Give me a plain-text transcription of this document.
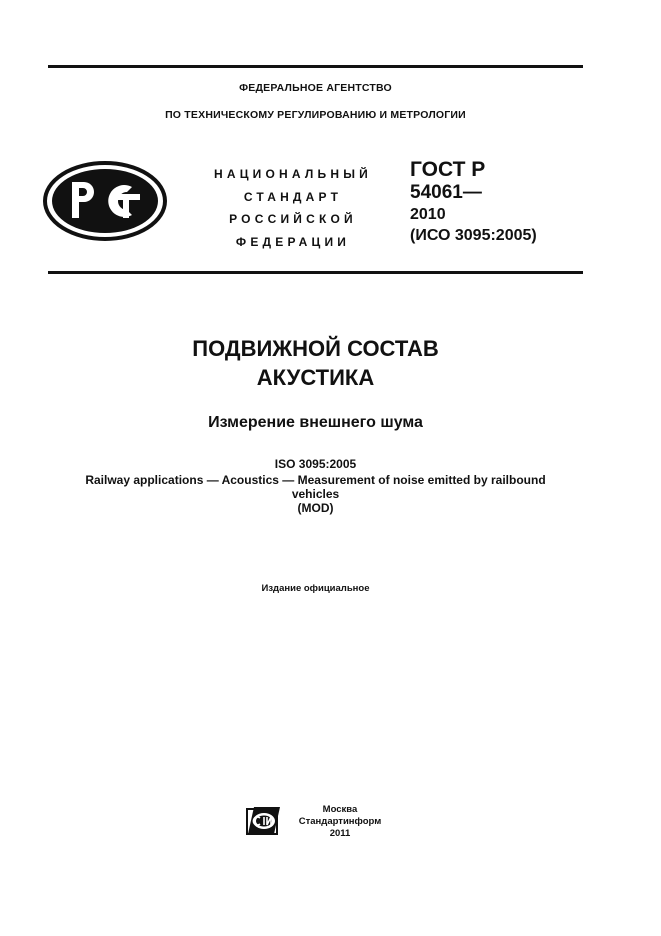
ФЕДЕРАЛЬНОЕ АГЕНТСТВО
ПО ТЕХНИЧЕСКОМУ РЕГУЛИРОВАНИЮ И МЕТРОЛОГИИ
НАЦИОНАЛЬНЫЙ
СТАНДАРТ
РОССИЙСКОЙ
ФЕДЕРАЦИИ
ГОСТ Р
54061—
2010
(ИСО 3095:2005)
ПОДВИЖНОЙ СОСТАВ
АКУСТИКА
Измерение внешнего шума
ISO 3095:2005
Railway applications — Acoustics — Measurement of noise emitted by railbound
vehicles
(MOD)
Издание официальное
Москва
Стандартинформ
2011
